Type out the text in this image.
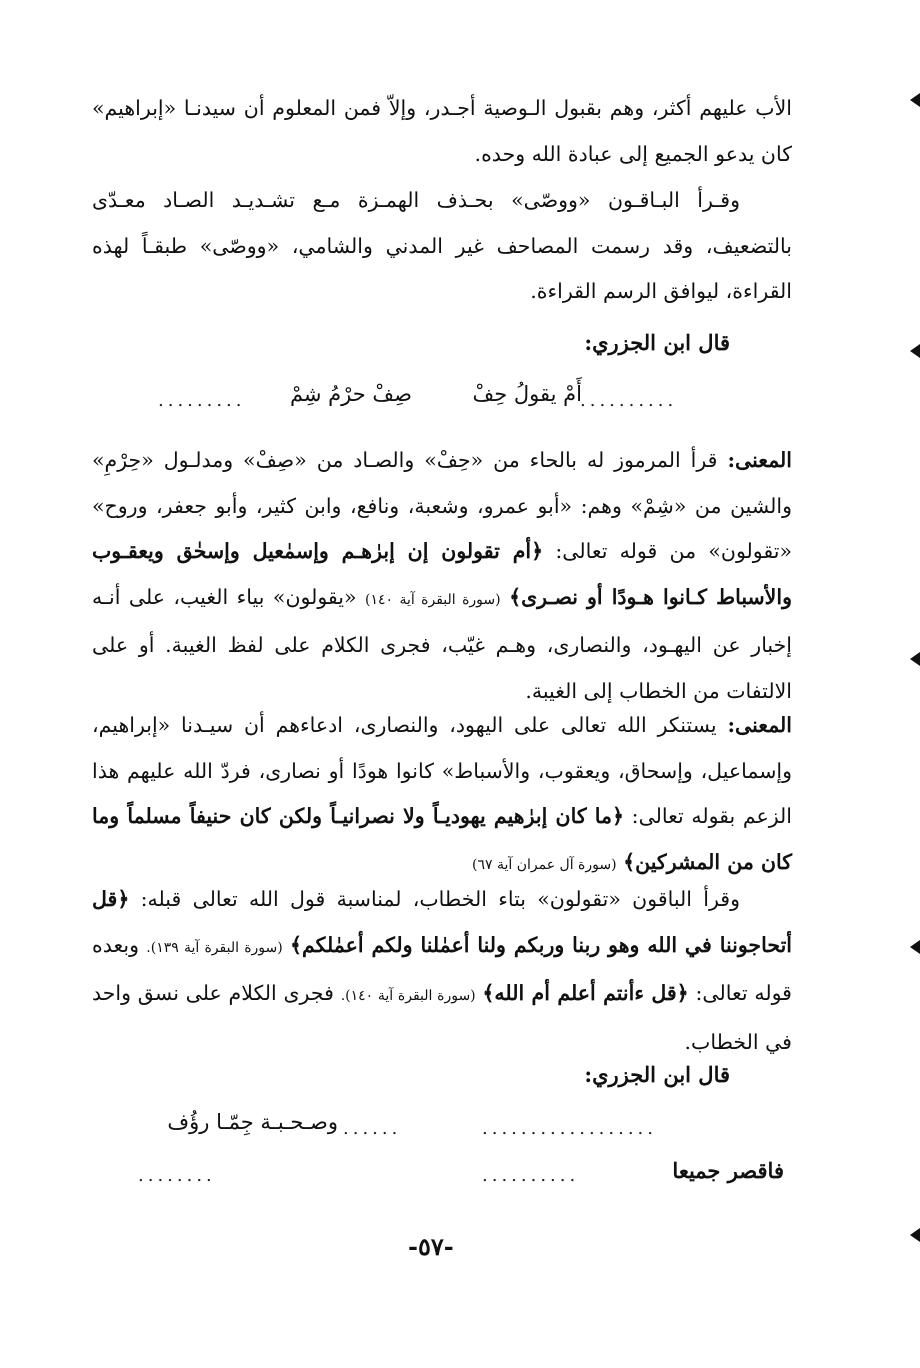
الأب عليهم أكثر، وهم بقبول الـوصية أجـدر، وإلاّ فمن المعلوم أن سيدنـا «إبراهيم» كان يدعو الجميع إلى عبادة الله وحده.

وقـرأ البـاقـون «ووصّى» بحـذف الهمـزة مـع تشـديـد الصـاد معـدّى بالتضعيف، وقد رسمت المصاحف غير المدني والشامي، «ووصّى» طبقـاً لهذه القراءة، ليوافق الرسم القراءة.

قال ابن الجزري:

..........

أَمْ يقولُ حِفْ

صِفْ حرْمُ شِمْ

.........

المعنى: قرأ المرموز له بالحاء من «حِفْ» والصـاد من «صِفْ» ومدلـول «حِرْمِ» والشين من «شِمْ» وهم: «أبو عمرو، وشعبة، ونافع، وابن كثير، وأبو جعفر، وروح» «تقولون» من قوله تعالى: ﴿أم تقولون إن إبرٰهـم وإسمٰعيل وإسحٰق ويعقـوب والأسباط كـانوا هـودًا أو نصـرى﴾ (سورة البقرة آية ١٤٠) «يقولون» بياء الغيب، على أنـه إخبار عن اليهـود، والنصارى، وهـم غيّب، فجرى الكلام على لفظ الغيبة. أو على الالتفات من الخطاب إلى الغيبة.

المعنى: يستنكر الله تعالى على اليهود، والنصارى، ادعاءهم أن سيـدنا «إبراهيم، وإسماعيل، وإسحاق، ويعقوب، والأسباط» كانوا هودًا أو نصارى، فردّ الله عليهم هذا الزعم بقوله تعالى: ﴿ما كان إبرٰهيم يهوديـاً ولا نصرانيـاً ولكن كان حنيفاً مسلماً وما كان من المشركين﴾ (سورة آل عمران آية ٦٧)

وقرأ الباقون «تقولون» بتاء الخطاب، لمناسبة قول الله تعالى قبله: ﴿قل أتحاجوننا في الله وهو ربنا وربكم ولنا أعمٰلنا ولكم أعمٰلكم﴾ (سورة البقرة آية ١٣٩). وبعده قوله تعالى: ﴿قل ءأنتم أعلم أم الله﴾ (سورة البقرة آية ١٤٠). فجرى الكلام على نسق واحد في الخطاب.

قال ابن الجزري:

..................

......

وصـحـبـة جِمّـا رؤُف

فاقصر جميعا

..........

........

-٥٧-
